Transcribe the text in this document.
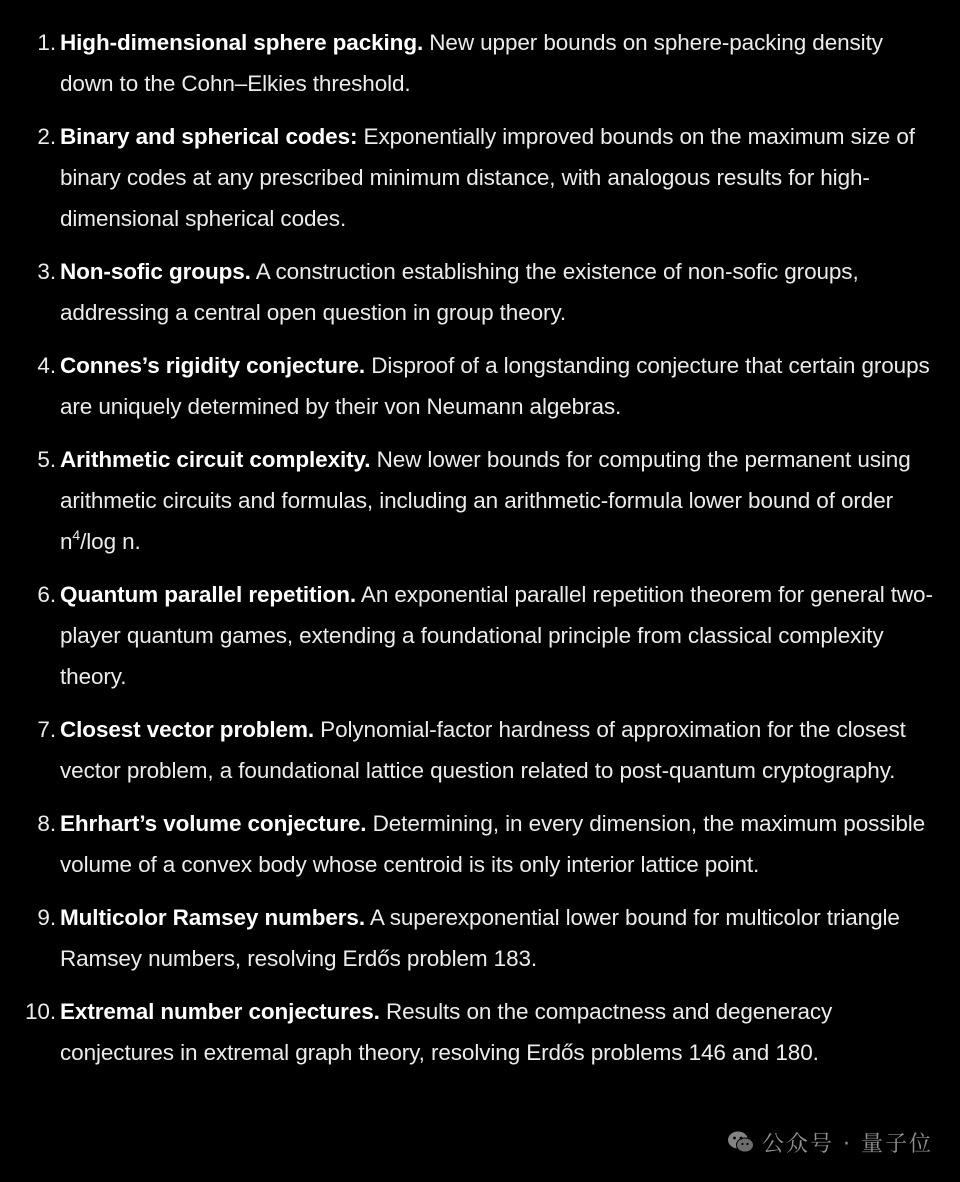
1. High-dimensional sphere packing. New upper bounds on sphere-packing density down to the Cohn–Elkies threshold.
2. Binary and spherical codes: Exponentially improved bounds on the maximum size of binary codes at any prescribed minimum distance, with analogous results for high-dimensional spherical codes.
3. Non-sofic groups. A construction establishing the existence of non-sofic groups, addressing a central open question in group theory.
4. Connes’s rigidity conjecture. Disproof of a longstanding conjecture that certain groups are uniquely determined by their von Neumann algebras.
5. Arithmetic circuit complexity. New lower bounds for computing the permanent using arithmetic circuits and formulas, including an arithmetic-formula lower bound of order $n^4/\log$ n.
6. Quantum parallel repetition. An exponential parallel repetition theorem for general two-player quantum games, extending a foundational principle from classical complexity theory.
7. Closest vector problem. Polynomial-factor hardness of approximation for the closest vector problem, a foundational lattice question related to post-quantum cryptography.
8. Ehrhart’s volume conjecture. Determining, in every dimension, the maximum possible volume of a convex body whose centroid is its only interior lattice point.
9. Multicolor Ramsey numbers. A superexponential lower bound for multicolor triangle Ramsey numbers, resolving Erdős problem 183.
10. Extremal number conjectures. Results on the compactness and degeneracy conjectures in extremal graph theory, resolving Erdős problems 146 and 180.
公众号 · 量子位
